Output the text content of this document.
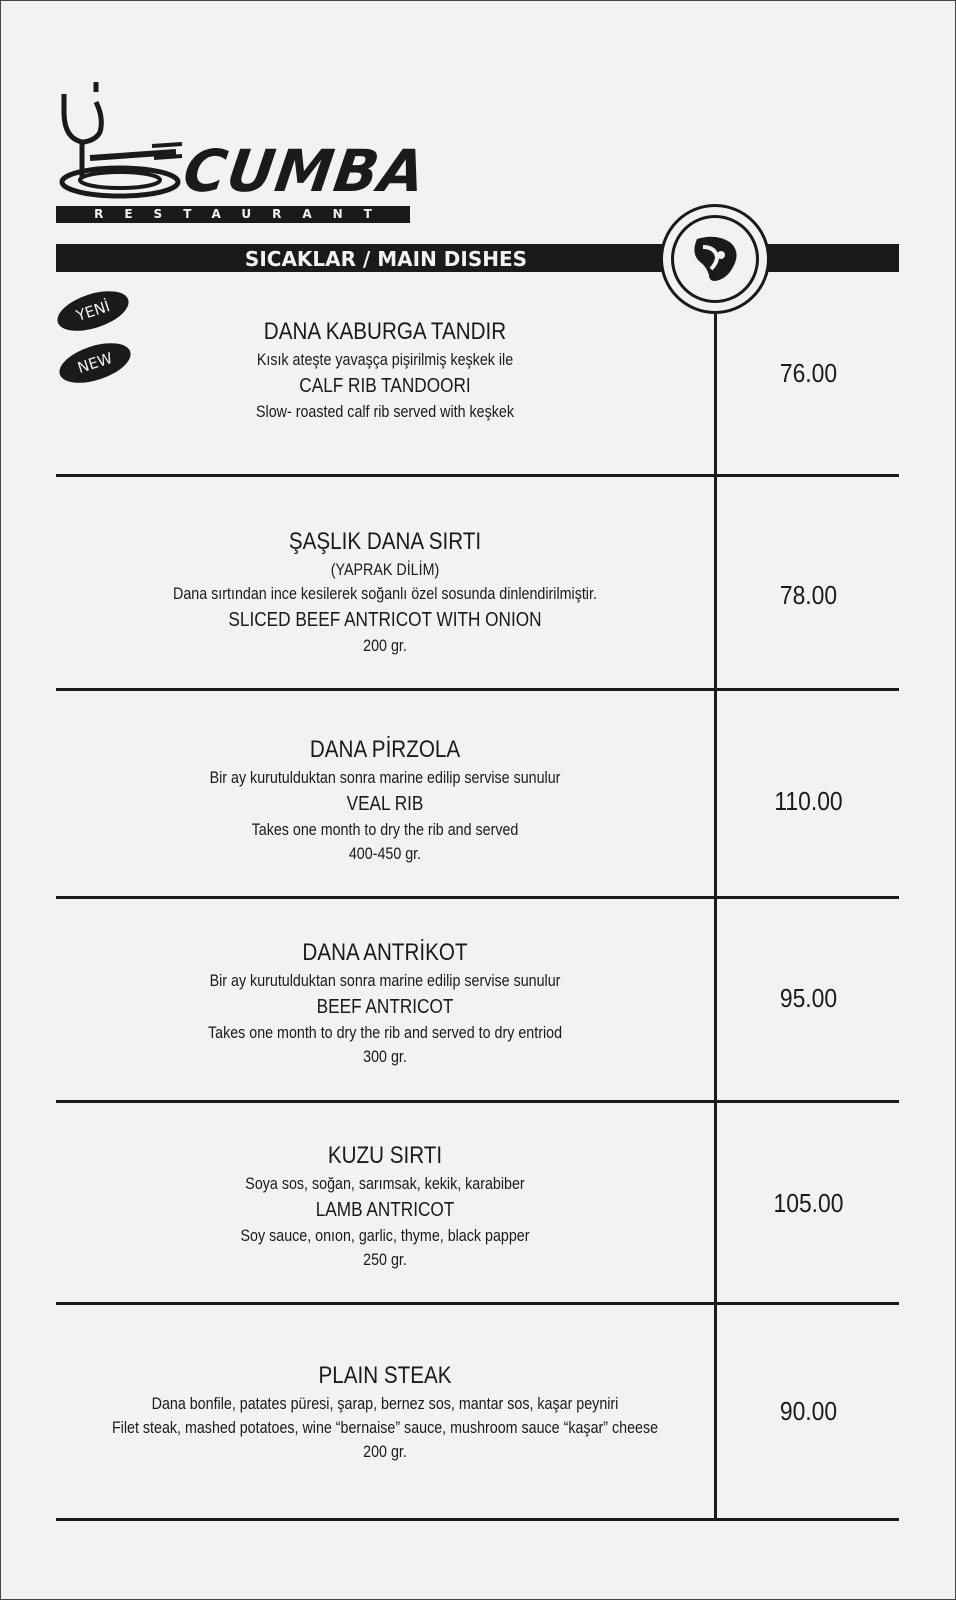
CUMBA
RESTAURANT
SICAKLAR / MAIN DISHES
YENİ
NEW
DANA KABURGA TANDIR
Kısık ateşte yavaşça pişirilmiş keşkek ile
CALF RIB TANDOORI
Slow- roasted calf rib served with keşkek
76.00
ŞAŞLIK DANA SIRTI
(YAPRAK DİLİM)
Dana sırtından ince kesilerek soğanlı özel sosunda dinlendirilmiştir.
SLICED BEEF ANTRICOT WITH ONION
200 gr.
78.00
DANA PİRZOLA
Bir ay kurutulduktan sonra marine edilip servise sunulur
VEAL RIB
Takes one month to dry the rib and served
400-450 gr.
110.00
DANA ANTRİKOT
Bir ay kurutulduktan sonra marine edilip servise sunulur
BEEF ANTRICOT
Takes one month to dry the rib and served to dry entriod
300 gr.
95.00
KUZU SIRTI
Soya sos, soğan, sarımsak, kekik, karabiber
LAMB ANTRICOT
Soy sauce, onıon, garlic, thyme, black papper
250 gr.
105.00
PLAIN STEAK
Dana bonfile, patates püresi, şarap, bernez sos, mantar sos, kaşar peyniri
Filet steak, mashed potatoes, wine “bernaise” sauce, mushroom sauce “kaşar” cheese
200 gr.
90.00
